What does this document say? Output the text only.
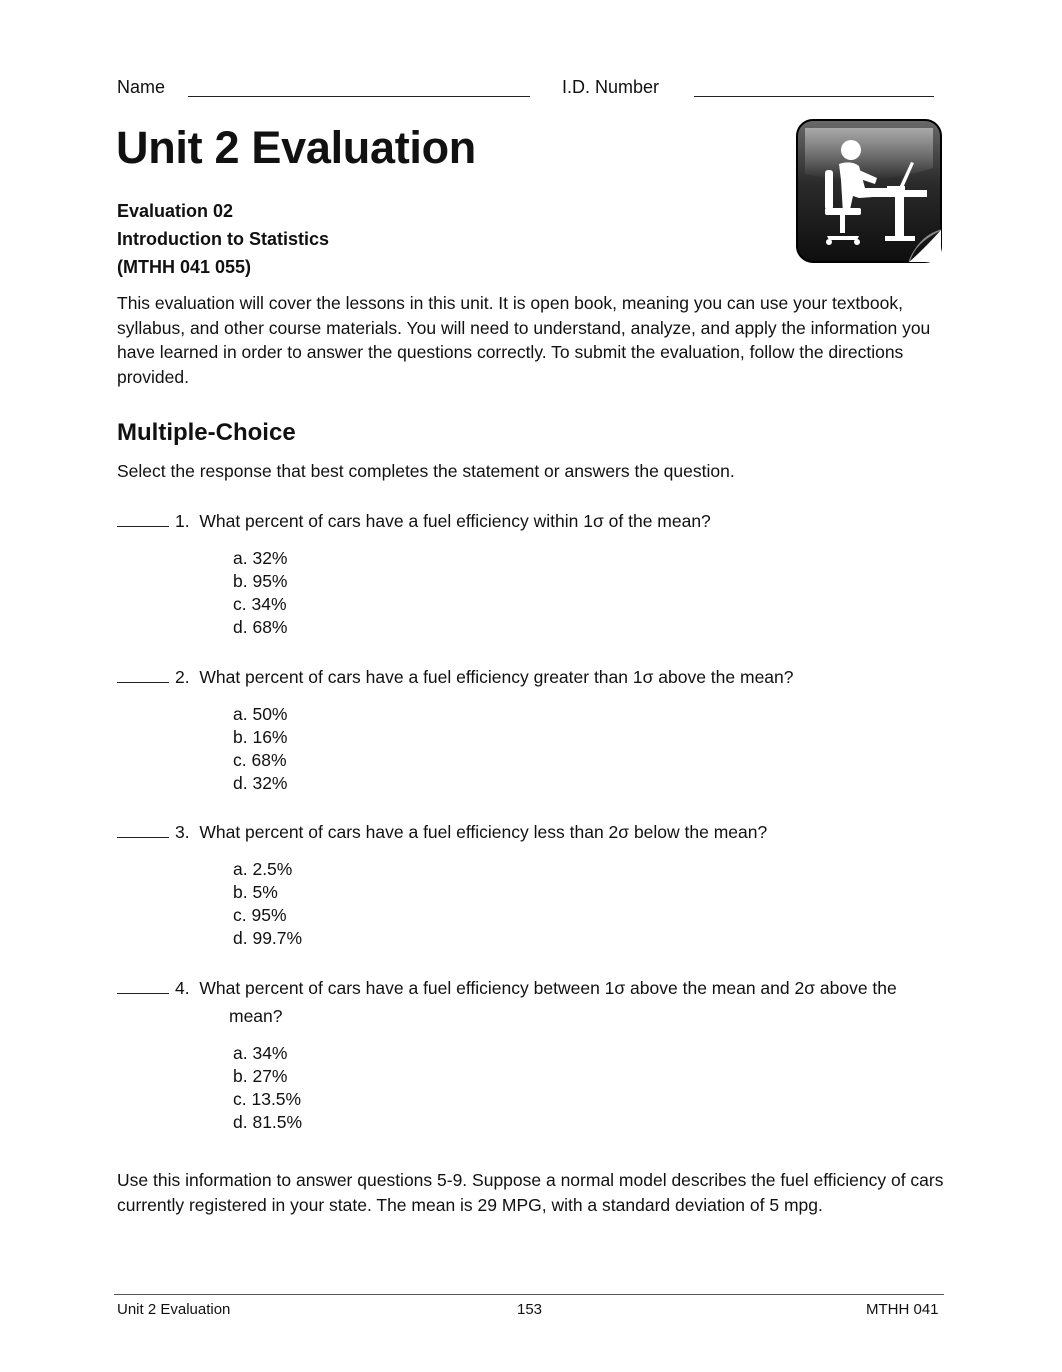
Name	I.D. Number
Unit 2 Evaluation
Evaluation 02
Introduction to Statistics
(MTHH 041 055)
This evaluation will cover the lessons in this unit. It is open book, meaning you can use your textbook, syllabus, and other course materials. You will need to understand, analyze, and apply the information you have learned in order to answer the questions correctly. To submit the evaluation, follow the directions provided.
Multiple-Choice
Select the response that best completes the statement or answers the question.
1. What percent of cars have a fuel efficiency within 1σ of the mean?
a. 32%
b. 95%
c. 34%
d. 68%
2. What percent of cars have a fuel efficiency greater than 1σ above the mean?
a. 50%
b. 16%
c. 68%
d. 32%
3. What percent of cars have a fuel efficiency less than 2σ below the mean?
a. 2.5%
b. 5%
c. 95%
d. 99.7%
4. What percent of cars have a fuel efficiency between 1σ above the mean and 2σ above the
mean?
a. 34%
b. 27%
c. 13.5%
d. 81.5%
Use this information to answer questions 5-9. Suppose a normal model describes the fuel efficiency of cars currently registered in your state. The mean is 29 MPG, with a standard deviation of 5 mpg.
Unit 2 Evaluation	153	MTHH 041
